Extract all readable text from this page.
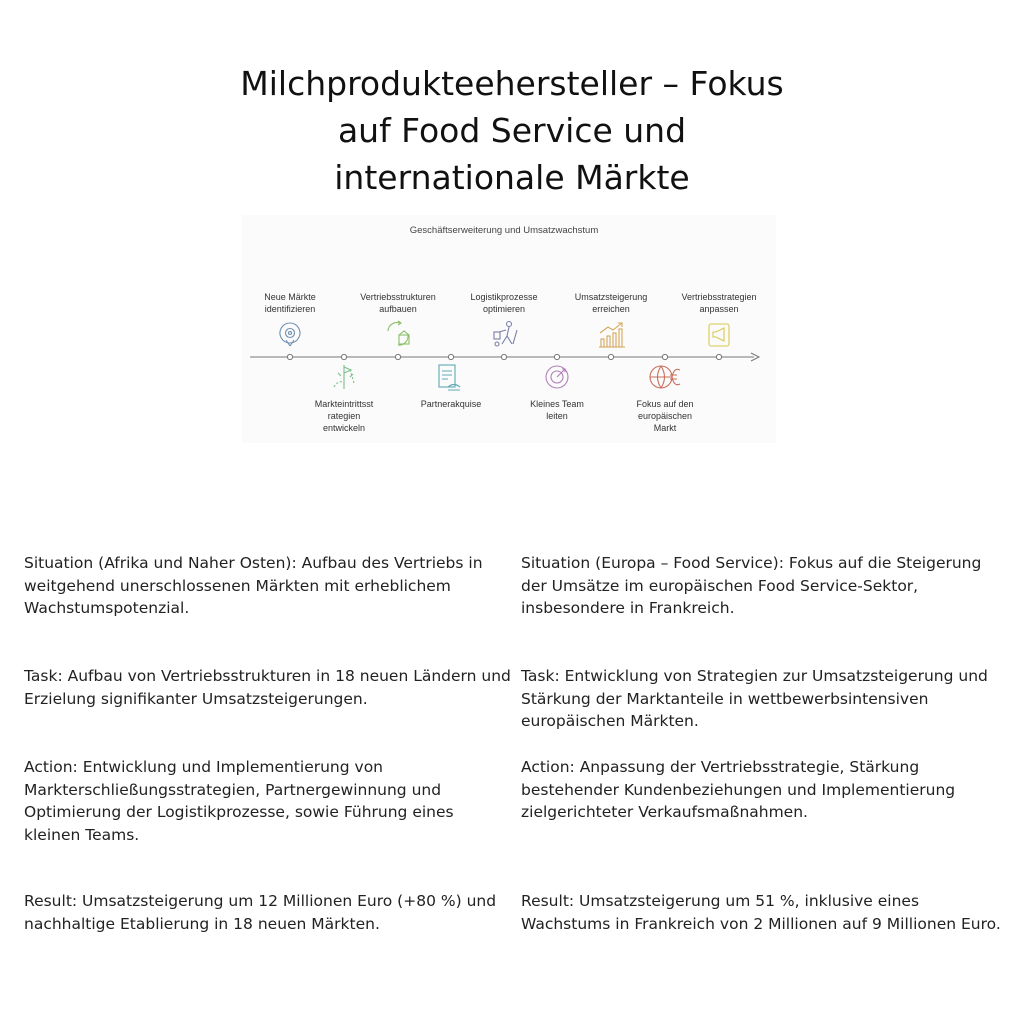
Milchprodukteehersteller – Fokus
auf Food Service und
internationale Märkte
Geschäftserweiterung und Umsatzwachstum
Neue Märkte
identifizieren
Vertriebsstrukturen
aufbauen
Logistikprozesse
optimieren
Umsatzsteigerung
erreichen
Vertriebsstrategien
anpassen
Markteintrittsst
rategien
entwickeln
Partnerakquise	Kleines Team
leiten
Fokus auf den
europäischen
Markt

Situation (Afrika und Naher Osten): Aufbau des Vertriebs in weitgehend unerschlossenen Märkten mit erheblichem Wachstumspotenzial.

Situation (Europa – Food Service): Fokus auf die Steigerung der Umsätze im europäischen Food Service-Sektor, insbesondere in Frankreich.

Task: Aufbau von Vertriebsstrukturen in 18 neuen Ländern und Erzielung signifikanter Umsatzsteigerungen.

Task: Entwicklung von Strategien zur Umsatzsteigerung und Stärkung der Marktanteile in wettbewerbsintensiven europäischen Märkten.

Action: Entwicklung und Implementierung von Markterschließungsstrategien, Partnergewinnung und Optimierung der Logistikprozesse, sowie Führung eines kleinen Teams.

Action: Anpassung der Vertriebsstrategie, Stärkung bestehender Kundenbeziehungen und Implementierung zielgerichteter Verkaufsmaßnahmen.

Result: Umsatzsteigerung um 12 Millionen Euro (+80 %) und nachhaltige Etablierung in 18 neuen Märkten.

Result: Umsatzsteigerung um 51 %, inklusive eines Wachstums in Frankreich von 2 Millionen auf 9 Millionen Euro.
